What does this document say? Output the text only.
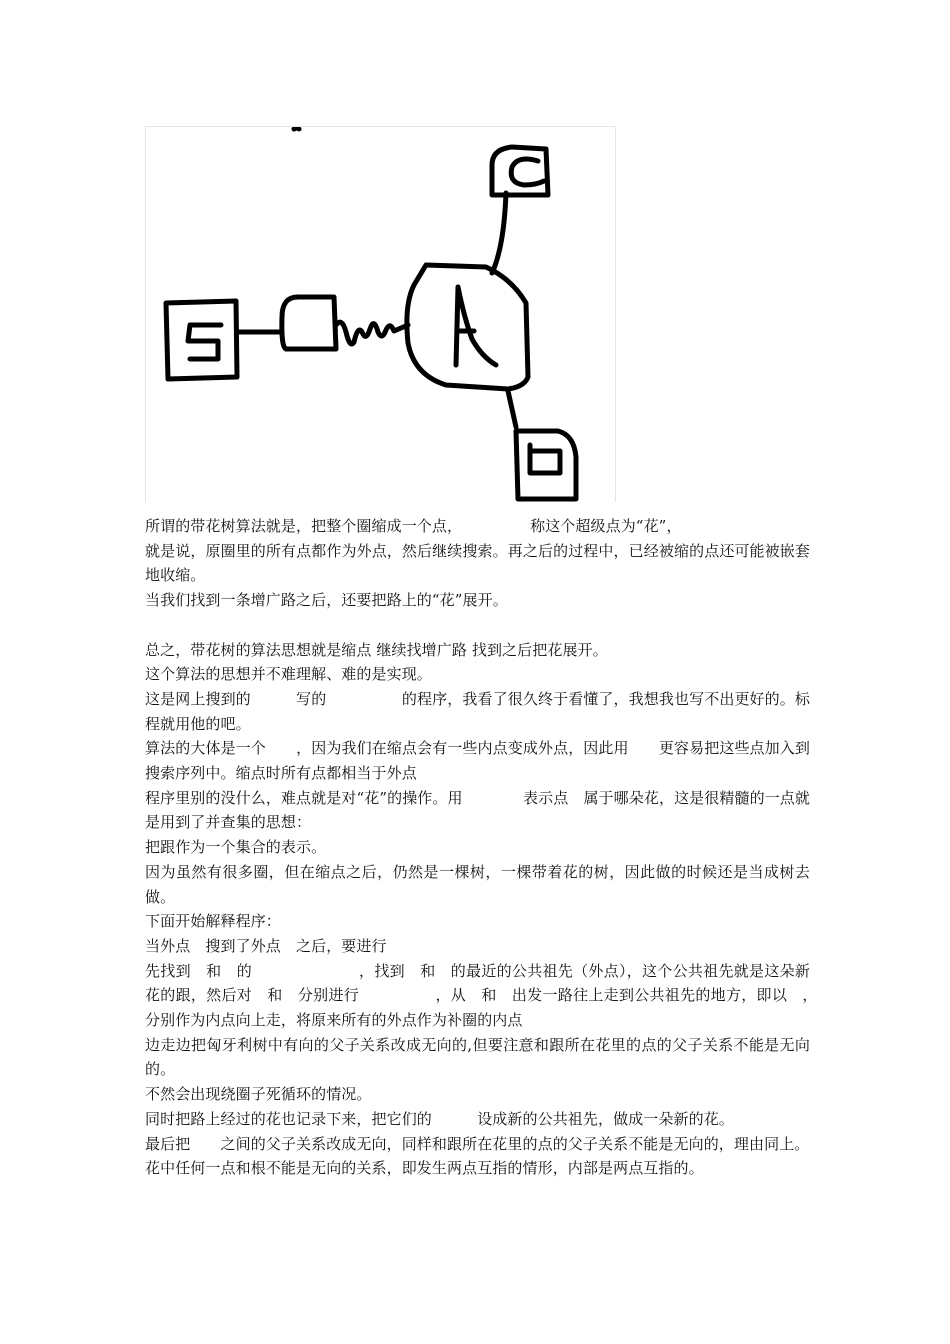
所谓的带花树算法就是，把整个圈缩成一个点，　　　　　称这个超级点为“花”，

就是说，原圈里的所有点都作为外点，然后继续搜索。再之后的过程中，已经被缩的点还可能被嵌套地收缩。

当我们找到一条增广路之后，还要把路上的“花”展开。

总之，带花树的算法思想就是缩点 继续找增广路 找到之后把花展开。

这个算法的思想并不难理解、难的是实现。

这是网上搜到的　　　写的　　　　　的程序，我看了很久终于看懂了，我想我也写不出更好的。标程就用他的吧。

算法的大体是一个　　，因为我们在缩点会有一些内点变成外点，因此用　　更容易把这些点加入到搜索序列中。缩点时所有点都相当于外点

程序里别的没什么，难点就是对“花”的操作。用　　　　表示点　属于哪朵花，这是很精髓的一点就是用到了并查集的思想：

把跟作为一个集合的表示。

因为虽然有很多圈，但在缩点之后，仍然是一棵树，一棵带着花的树，因此做的时候还是当成树去做。

下面开始解释程序：

当外点　搜到了外点　之后，要进行

先找到　和　的　　　　　　　，找到　和　的最近的公共祖先（外点），这个公共祖先就是这朵新花的跟，然后对　和　分别进行　　　　　，从　和　出发一路往上走到公共祖先的地方，即以　，　分别作为内点向上走，将原来所有的外点作为补圈的内点

边走边把匈牙利树中有向的父子关系改成无向的,但要注意和跟所在花里的点的父子关系不能是无向的。

不然会出现绕圈子死循环的情况。

同时把路上经过的花也记录下来，把它们的　　　设成新的公共祖先，做成一朵新的花。

最后把　　之间的父子关系改成无向，同样和跟所在花里的点的父子关系不能是无向的，理由同上。

花中任何一点和根不能是无向的关系，即发生两点互指的情形，内部是两点互指的。
